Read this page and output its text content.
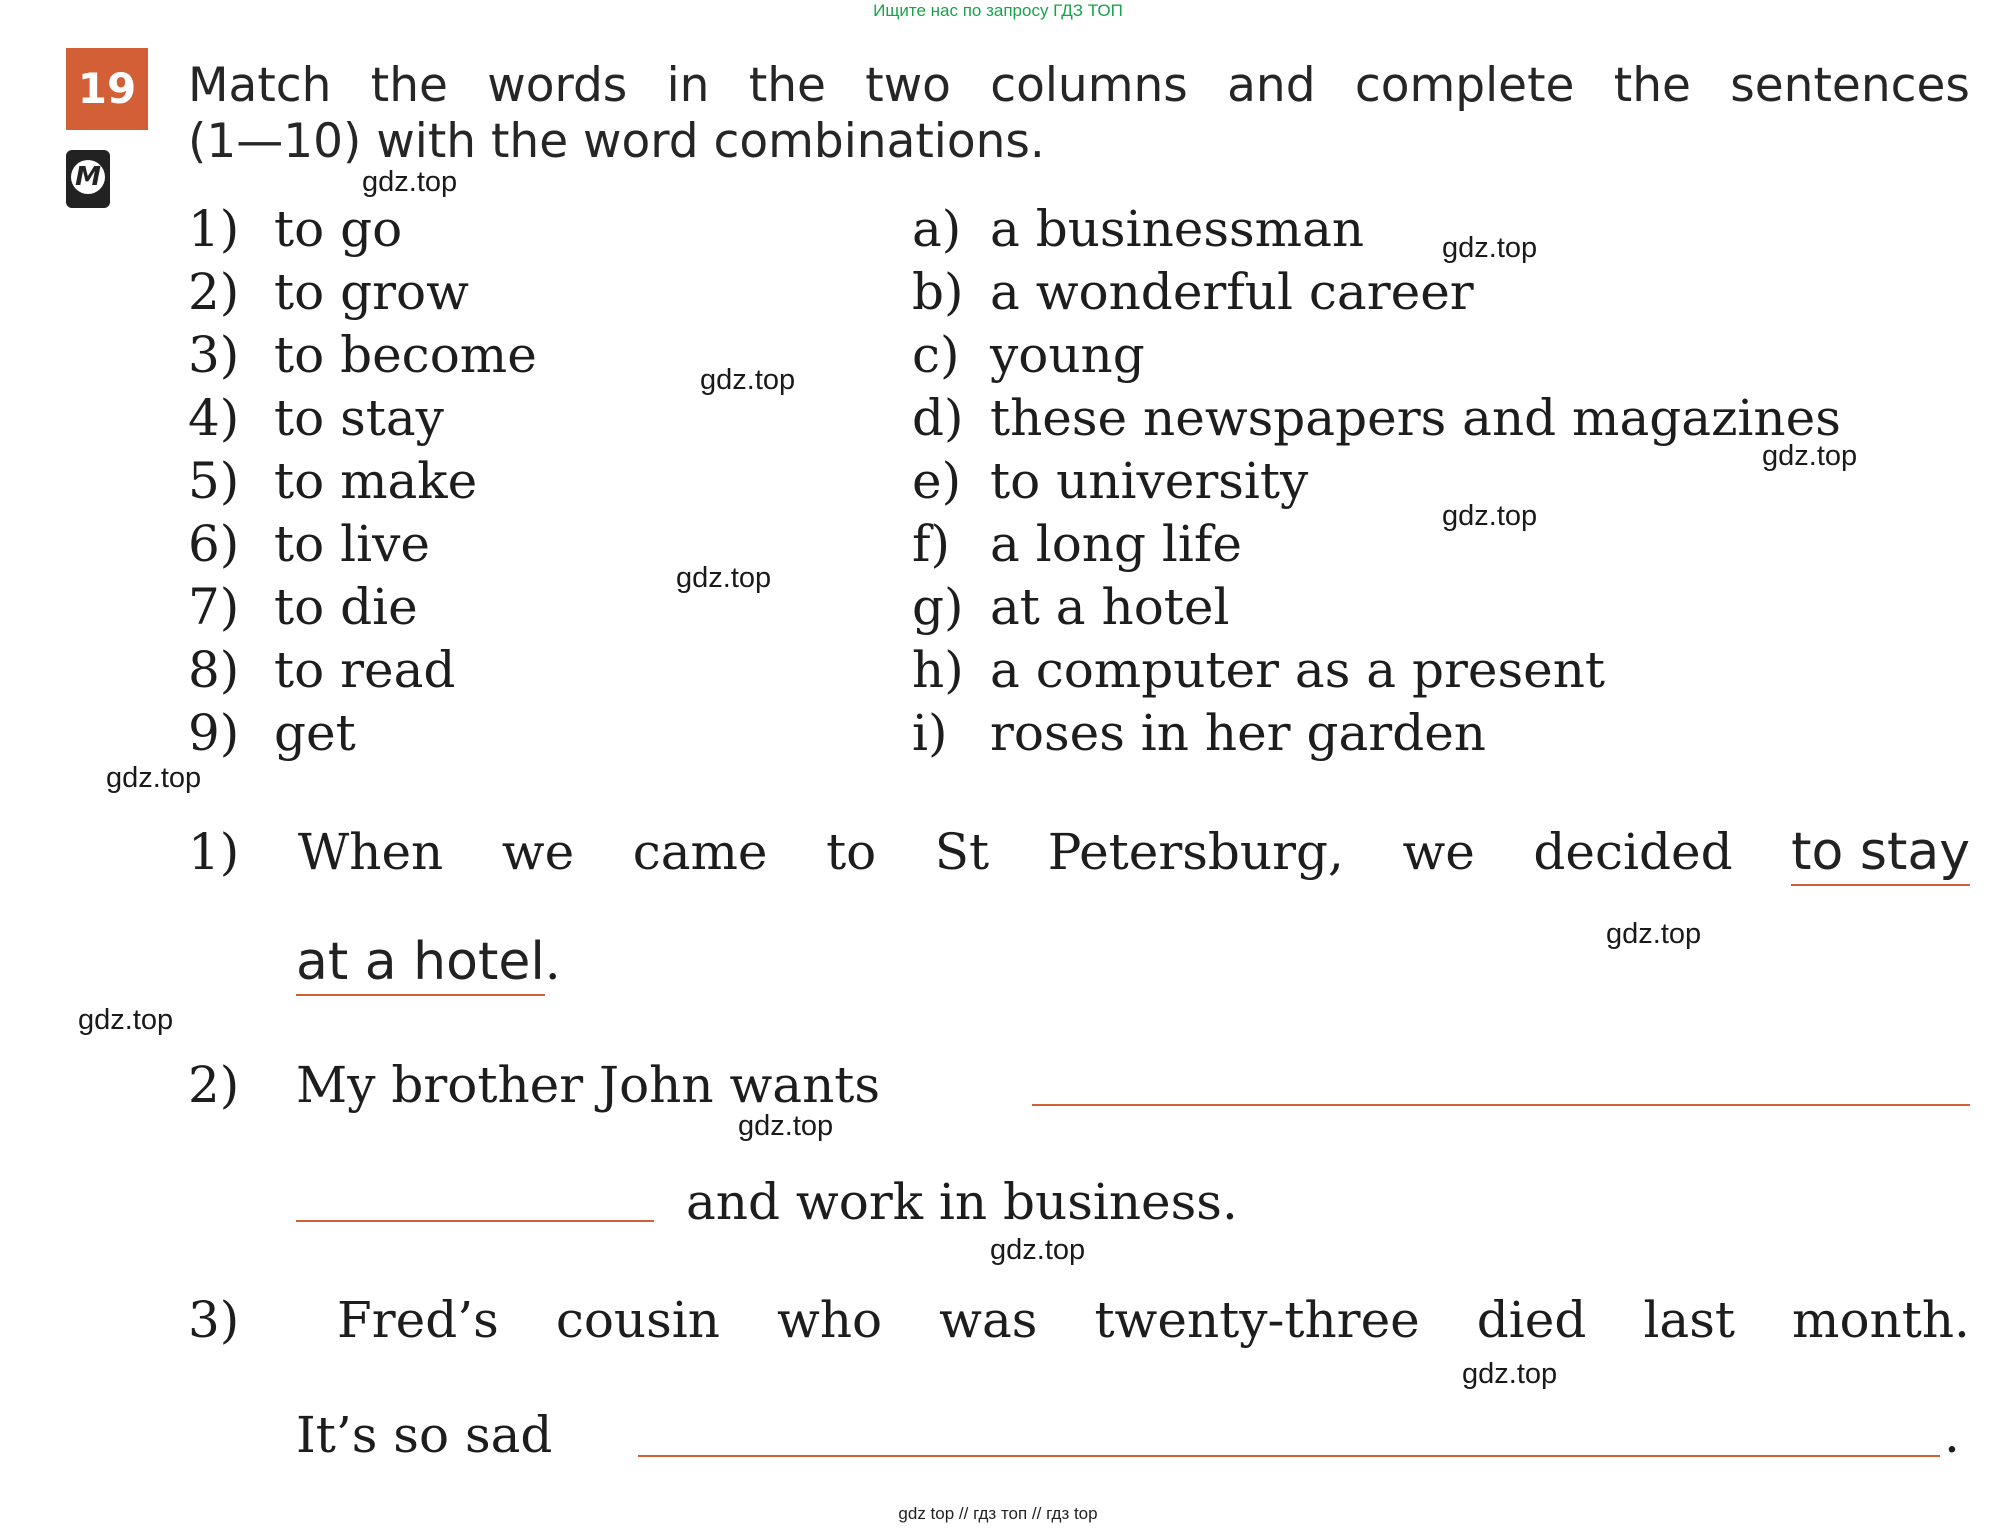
Ищите нас по запросу ГДЗ ТОП
19
М
Match the words in the two columns and complete the sentences
(1—10) with the word combinations.
1) to go
2) to grow
3) to become
4) to stay
5) to make
6) to live
7) to die
8) to read
9) get
a) a businessman
b) a wonderful career
c) young
d) these newspapers and magazines
e) to university
f) a long life
g) at a hotel
h) a computer as a present
i) roses in her garden
1) When we came to St Petersburg, we decided to stay
at a hotel.
2) My brother John wants
and work in business.
3)	Fred’s cousin who was twenty-three died last month.
It’s so sad	.
gdz.top
gdz.top
gdz.top
gdz.top
gdz.top
gdz.top
gdz.top
gdz.top
gdz.top
gdz.top
gdz.top
gdz.top
gdz top // гдз топ // гдз top
